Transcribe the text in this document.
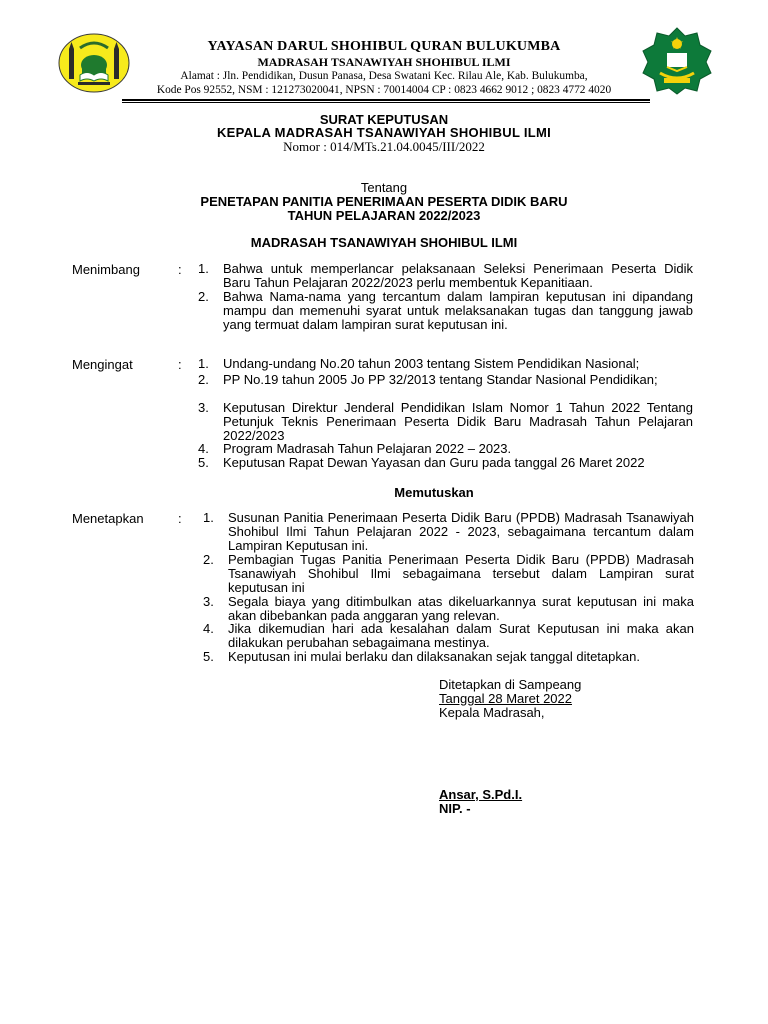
YAYASAN DARUL SHOHIBUL QURAN BULUKUMBA
MADRASAH TSANAWIYAH SHOHIBUL ILMI
Alamat : Jln. Pendidikan, Dusun Panasa, Desa Swatani Kec. Rilau Ale, Kab. Bulukumba,
Kode Pos 92552, NSM : 121273020041, NPSN : 70014004 CP : 0823 4662 9012 ; 0823 4772 4020
SURAT KEPUTUSAN
KEPALA MADRASAH TSANAWIYAH SHOHIBUL ILMI
Nomor : 014/MTs.21.04.0045/III/2022
Tentang
PENETAPAN PANITIA PENERIMAAN PESERTA DIDIK BARU
TAHUN PELAJARAN 2022/2023
MADRASAH TSANAWIYAH SHOHIBUL ILMI
Menimbang	: 1. Bahwa untuk memperlancar pelaksanaan Seleksi Penerimaan Peserta Didik Baru Tahun Pelajaran 2022/2023 perlu membentuk Kepanitiaan.
2. Bahwa Nama-nama yang tercantum dalam lampiran keputusan ini dipandang mampu dan memenuhi syarat untuk melaksanakan tugas dan tanggung jawab yang termuat dalam lampiran surat keputusan ini.
Mengingat	: 1. Undang-undang No.20 tahun 2003 tentang Sistem Pendidikan Nasional;
2. PP No.19 tahun 2005 Jo PP 32/2013 tentang Standar Nasional Pendidikan;
3. Keputusan Direktur Jenderal Pendidikan Islam Nomor 1 Tahun 2022 Tentang Petunjuk Teknis Penerimaan Peserta Didik Baru Madrasah Tahun Pelajaran 2022/2023
4. Program Madrasah Tahun Pelajaran 2022 – 2023.
5. Keputusan Rapat Dewan Yayasan dan Guru pada tanggal 26 Maret 2022
Memutuskan
Menetapkan	: 1. Susunan Panitia Penerimaan Peserta Didik Baru (PPDB) Madrasah Tsanawiyah Shohibul Ilmi Tahun Pelajaran 2022 - 2023, sebagaimana tercantum dalam Lampiran Keputusan ini.
2. Pembagian Tugas Panitia Penerimaan Peserta Didik Baru (PPDB) Madrasah Tsanawiyah Shohibul Ilmi sebagaimana tersebut dalam Lampiran surat keputusan ini
3. Segala biaya yang ditimbulkan atas dikeluarkannya surat keputusan ini maka akan dibebankan pada anggaran yang relevan.
4. Jika dikemudian hari ada kesalahan dalam Surat Keputusan ini maka akan dilakukan perubahan sebagaimana mestinya.
5. Keputusan ini mulai berlaku dan dilaksanakan sejak tanggal ditetapkan.
Ditetapkan di Sampeang
Tanggal 28 Maret 2022
Kepala Madrasah,
Ansar, S.Pd.I.
NIP. -
